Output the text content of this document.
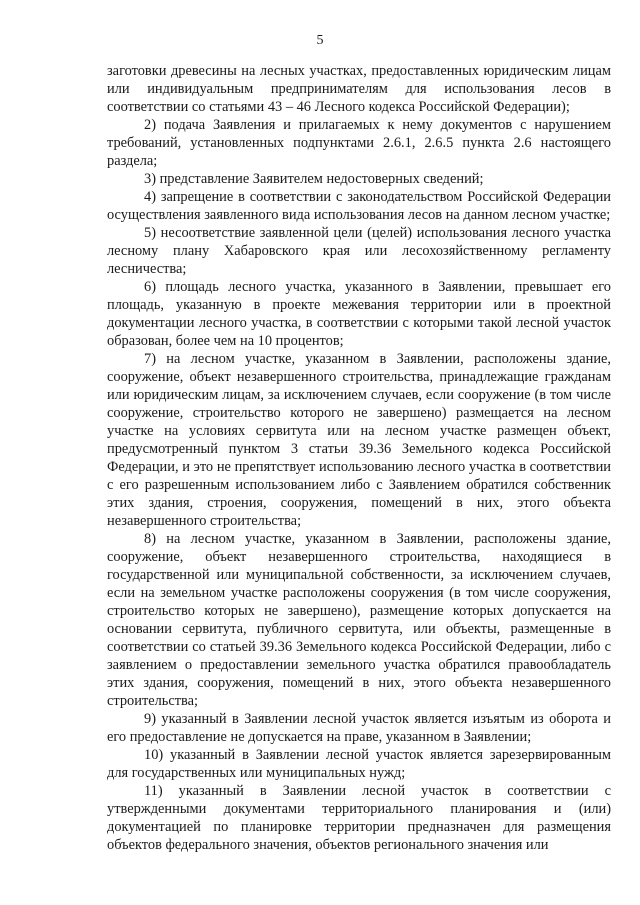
5

заготовки древесины на лесных участках, предоставленных юридическим лицам или индивидуальным предпринимателям для использования лесов в соответствии со статьями 43 – 46 Лесного кодекса Российской Федерации);

2) подача Заявления и прилагаемых к нему документов с нарушением требований, установленных подпунктами 2.6.1, 2.6.5 пункта 2.6 настоящего раздела;

3) представление Заявителем недостоверных сведений;

4) запрещение в соответствии с законодательством Российской Федерации осуществления заявленного вида использования лесов на данном лесном участке;

5) несоответствие заявленной цели (целей) использования лесного участка лесному плану Хабаровского края или лесохозяйственному регламенту лесничества;

6) площадь лесного участка, указанного в Заявлении, превышает его площадь, указанную в проекте межевания территории или в проектной документации лесного участка, в соответствии с которыми такой лесной участок образован, более чем на 10 процентов;

7) на лесном участке, указанном в Заявлении, расположены здание, сооружение, объект незавершенного строительства, принадлежащие гражданам или юридическим лицам, за исключением случаев, если сооружение (в том числе сооружение, строительство которого не завершено) размещается на лесном участке на условиях сервитута или на лесном участке размещен объект, предусмотренный пунктом 3 статьи 39.36 Земельного кодекса Российской Федерации, и это не препятствует использованию лесного участка в соответствии с его разрешенным использованием либо с Заявлением обратился собственник этих здания, строения, сооружения, помещений в них, этого объекта незавершенного строительства;

8) на лесном участке, указанном в Заявлении, расположены здание, сооружение, объект незавершенного строительства, находящиеся в государственной или муниципальной собственности, за исключением случаев, если на земельном участке расположены сооружения (в том числе сооружения, строительство которых не завершено), размещение которых допускается на основании сервитута, публичного сервитута, или объекты, размещенные в соответствии со статьей 39.36 Земельного кодекса Российской Федерации, либо с заявлением о предоставлении земельного участка обратился правообладатель этих здания, сооружения, помещений в них, этого объекта незавершенного строительства;

9) указанный в Заявлении лесной участок является изъятым из оборота и его предоставление не допускается на праве, указанном в Заявлении;

10) указанный в Заявлении лесной участок является зарезервированным для государственных или муниципальных нужд;

11) указанный в Заявлении лесной участок в соответствии с утвержденными документами территориального планирования и (или) документацией по планировке территории предназначен для размещения объектов федерального значения, объектов регионального значения или
